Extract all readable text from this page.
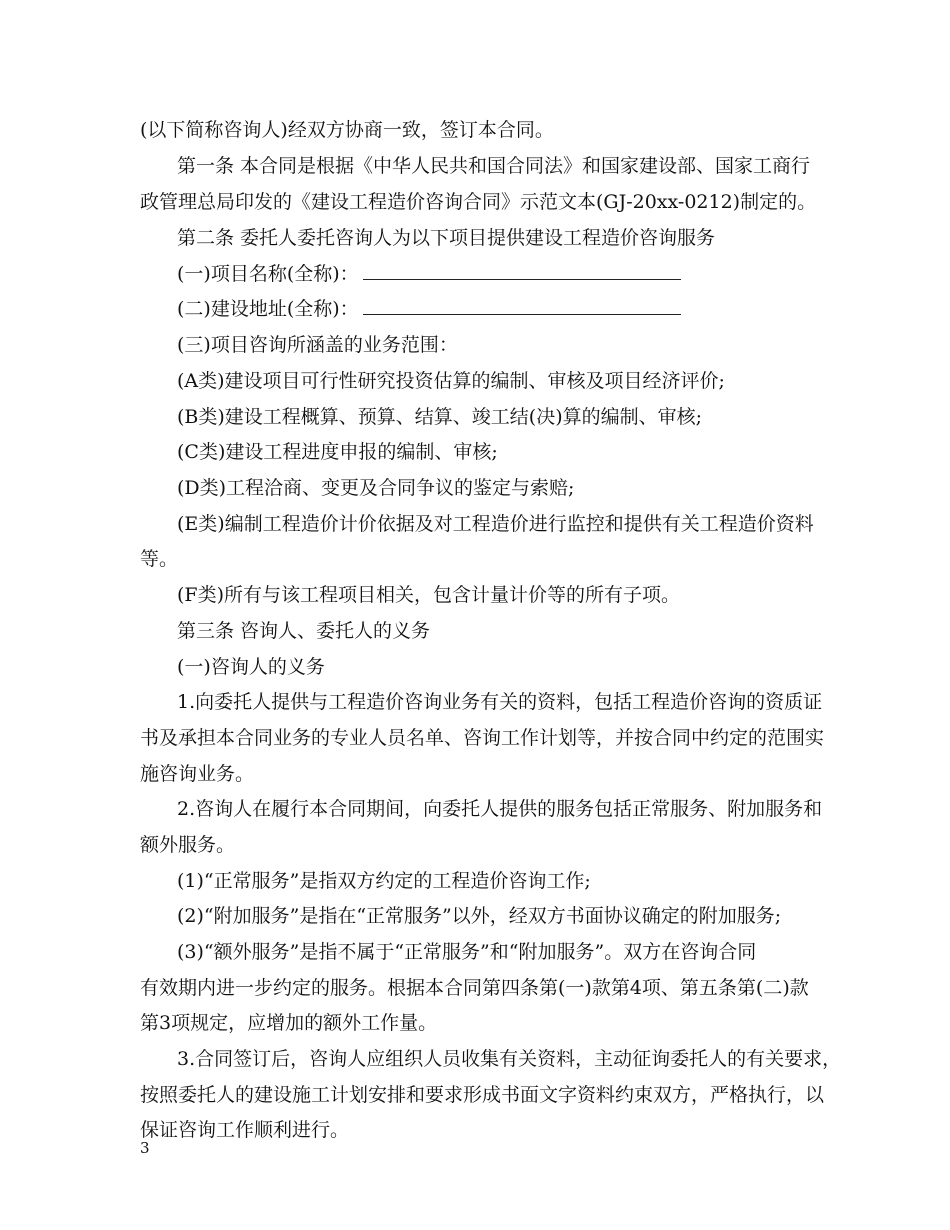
(以下简称咨询人)经双方协商一致，签订本合同。
第一条 本合同是根据《中华人民共和国合同法》和国家建设部、国家工商行
政管理总局印发的《建设工程造价咨询合同》示范文本(GJ-20xx-0212)制定的。
第二条 委托人委托咨询人为以下项目提供建设工程造价咨询服务
(一)项目名称(全称)：
(二)建设地址(全称)：
(三)项目咨询所涵盖的业务范围：
(A类)建设项目可行性研究投资估算的编制、审核及项目经济评价;
(B类)建设工程概算、预算、结算、竣工结(决)算的编制、审核;
(C类)建设工程进度申报的编制、审核;
(D类)工程洽商、变更及合同争议的鉴定与索赔;
(E类)编制工程造价计价依据及对工程造价进行监控和提供有关工程造价资料
等。
(F类)所有与该工程项目相关，包含计量计价等的所有子项。
第三条 咨询人、委托人的义务
(一)咨询人的义务
1.向委托人提供与工程造价咨询业务有关的资料，包括工程造价咨询的资质证
书及承担本合同业务的专业人员名单、咨询工作计划等，并按合同中约定的范围实
施咨询业务。
2.咨询人在履行本合同期间，向委托人提供的服务包括正常服务、附加服务和
额外服务。
(1)“正常服务”是指双方约定的工程造价咨询工作;
(2)“附加服务”是指在“正常服务”以外，经双方书面协议确定的附加服务;
(3)“额外服务”是指不属于“正常服务”和“附加服务”。双方在咨询合同
有效期内进一步约定的服务。根据本合同第四条第(一)款第4项、第五条第(二)款
第3项规定，应增加的额外工作量。
3.合同签订后，咨询人应组织人员收集有关资料，主动征询委托人的有关要求，
按照委托人的建设施工计划安排和要求形成书面文字资料约束双方，严格执行，以
保证咨询工作顺利进行。
3
